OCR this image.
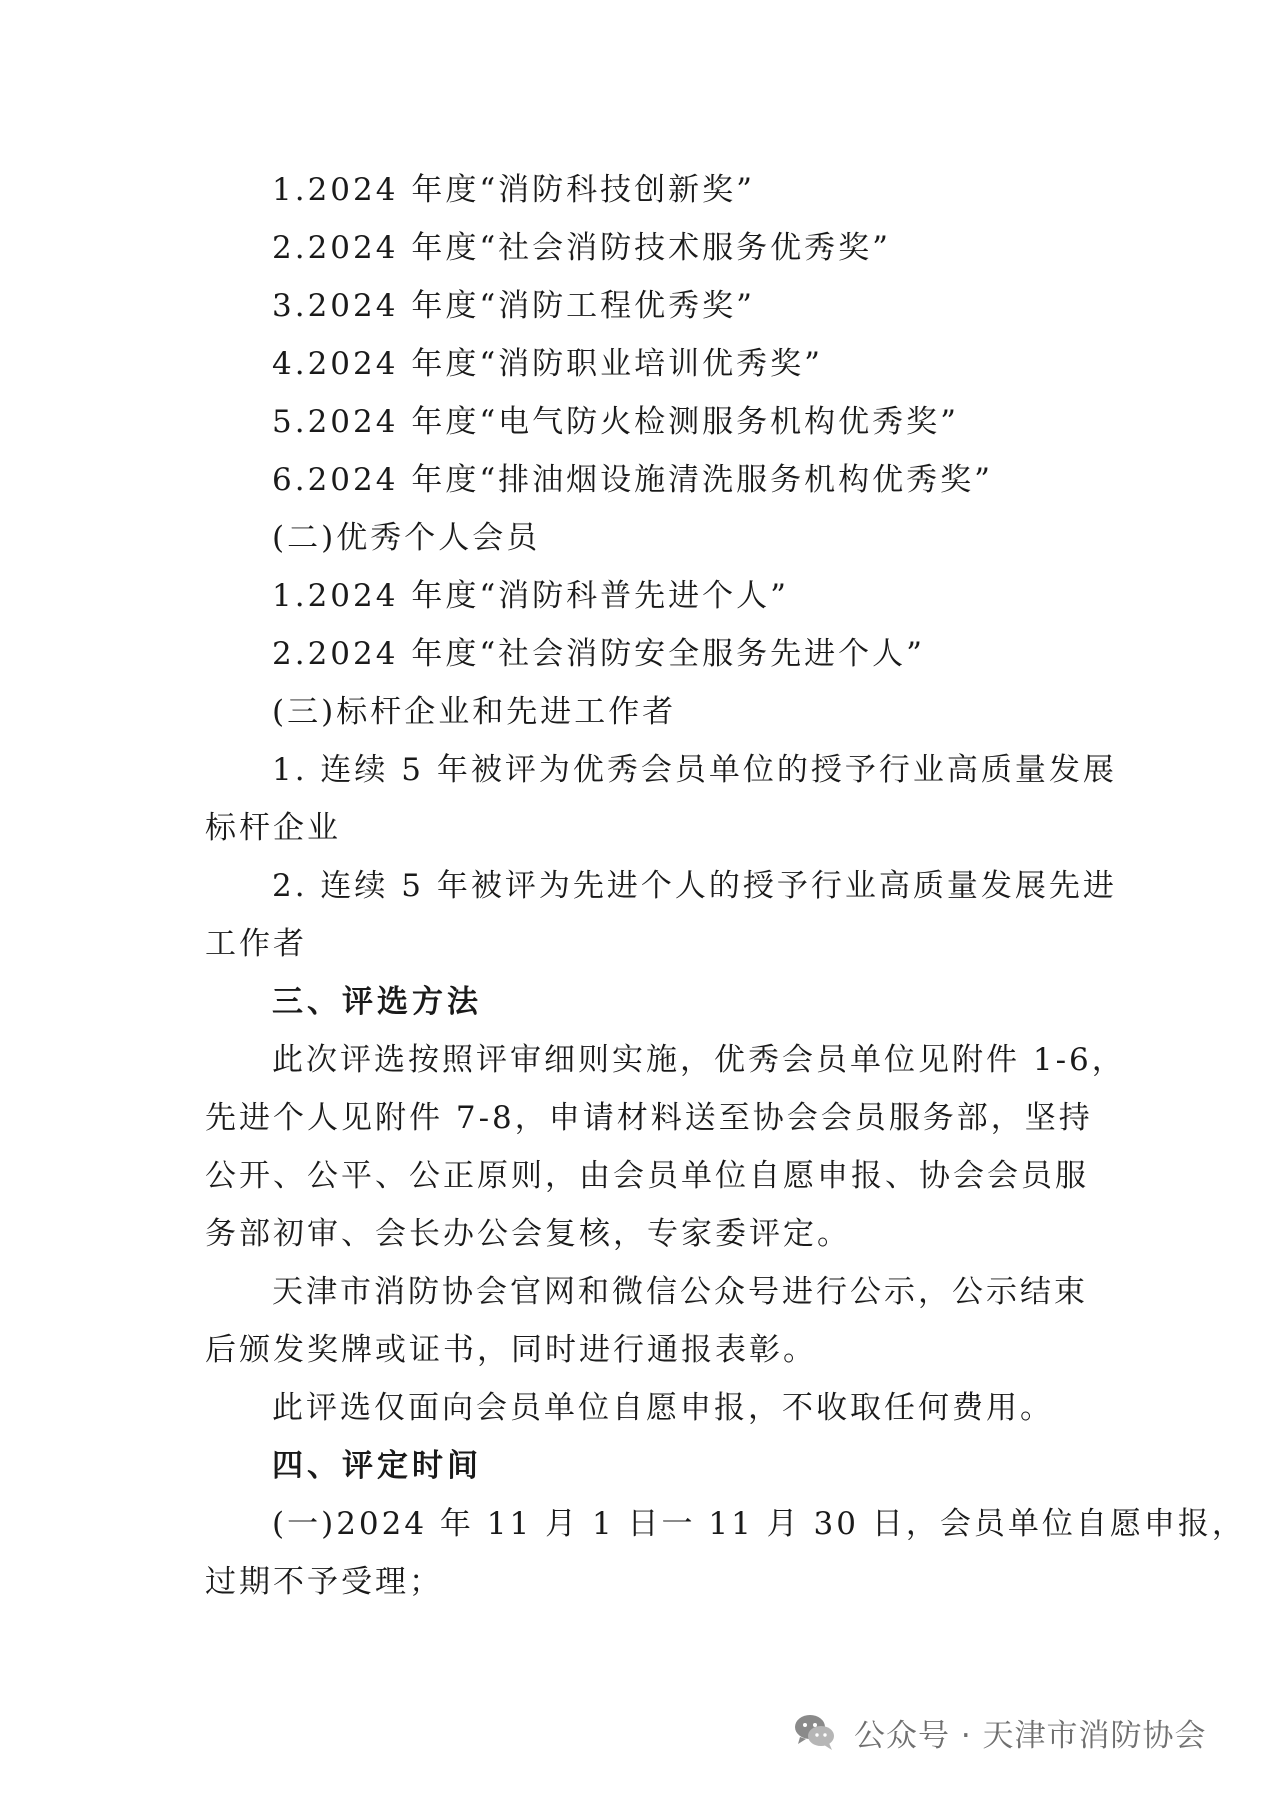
1.2024 年度“消防科技创新奖”
2.2024 年度“社会消防技术服务优秀奖”
3.2024 年度“消防工程优秀奖”
4.2024 年度“消防职业培训优秀奖”
5.2024 年度“电气防火检测服务机构优秀奖”
6.2024 年度“排油烟设施清洗服务机构优秀奖”
(二)优秀个人会员
1.2024 年度“消防科普先进个人”
2.2024 年度“社会消防安全服务先进个人”
(三)标杆企业和先进工作者
1. 连续 5 年被评为优秀会员单位的授予行业高质量发展
标杆企业
2. 连续 5 年被评为先进个人的授予行业高质量发展先进
工作者
三、评选方法
此次评选按照评审细则实施，优秀会员单位见附件 1-6，
先进个人见附件 7-8，申请材料送至协会会员服务部，坚持
公开、公平、公正原则，由会员单位自愿申报、协会会员服
务部初审、会长办公会复核，专家委评定。
天津市消防协会官网和微信公众号进行公示，公示结束
后颁发奖牌或证书，同时进行通报表彰。
此评选仅面向会员单位自愿申报，不收取任何费用。
四、评定时间
(一)2024 年 11 月 1 日一 11 月 30 日，会员单位自愿申报，
过期不予受理；
公众号 · 天津市消防协会
